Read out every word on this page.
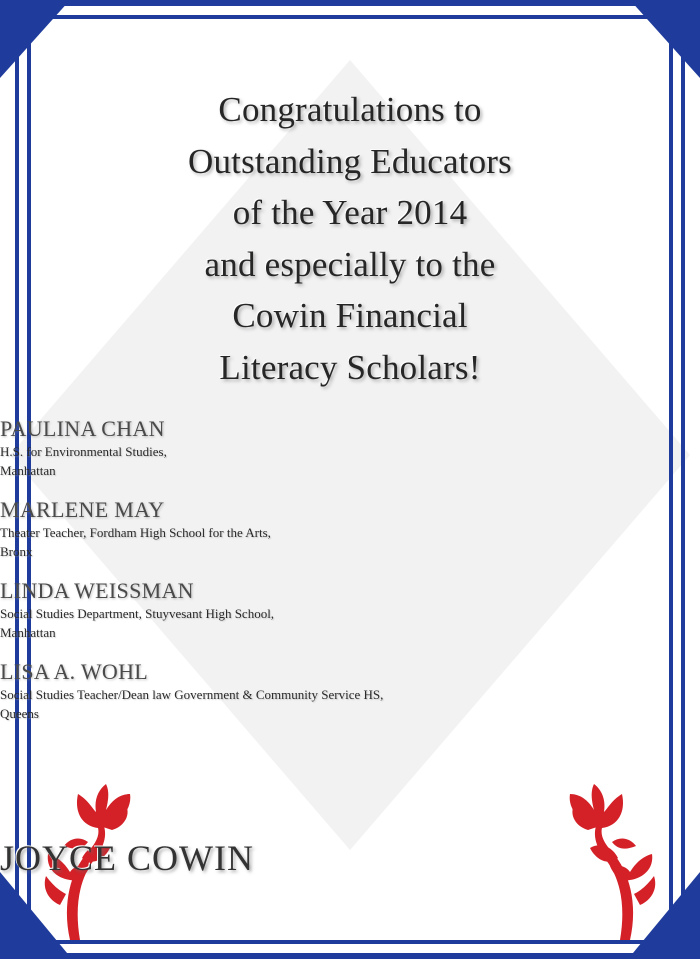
Congratulations to
Outstanding Educators
of the Year 2014
and especially to the
Cowin Financial
Literacy Scholars!
PAULINA CHAN
H.S. for Environmental Studies,
Manhattan
MARLENE MAY
Theater Teacher, Fordham High School for the Arts,
Bronx
LINDA WEISSMAN
Social Studies Department, Stuyvesant High School,
Manhattan
LISA A. WOHL
Social Studies Teacher/Dean law Government & Community Service HS,
Queens
JOYCE COWIN
